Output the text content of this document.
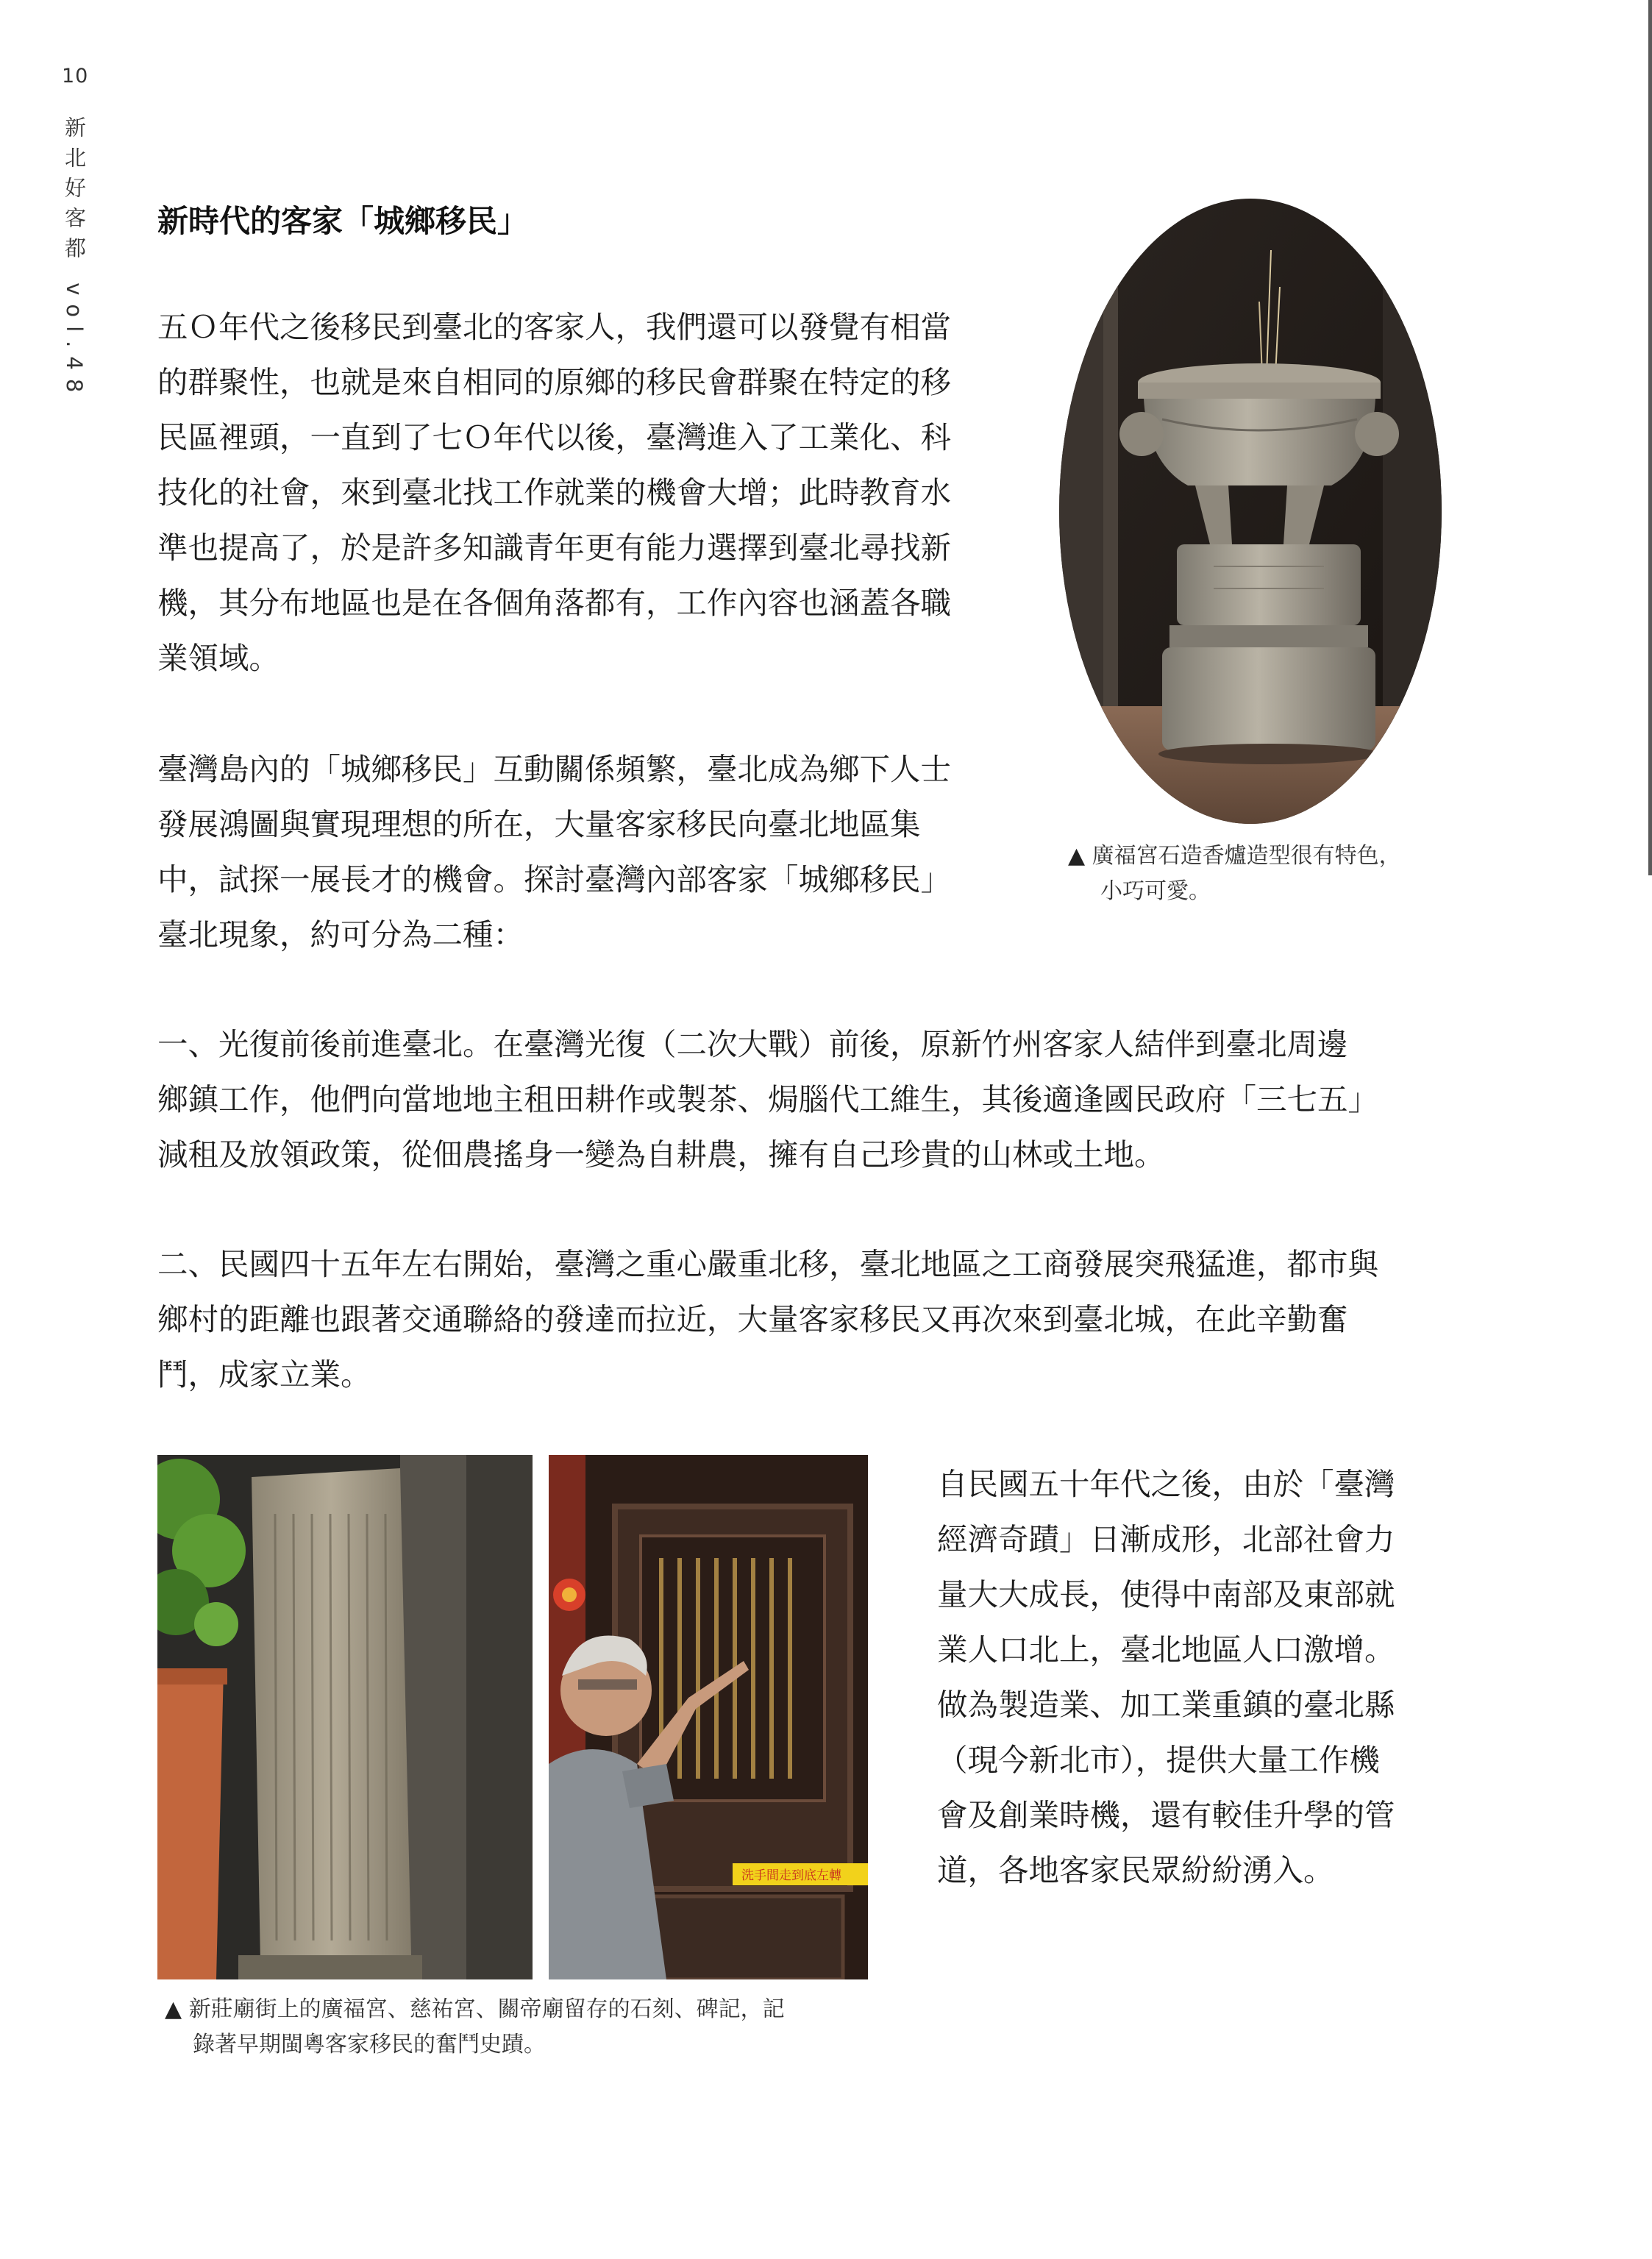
10
新北好客都 vol.48 新時代的客家「城鄉移民」
五Ｏ年代之後移民到臺北的客家人，我們還可以發覺有相當
的群聚性，也就是來自相同的原鄉的移民會群聚在特定的移
民區裡頭，一直到了七Ｏ年代以後，臺灣進入了工業化、科
技化的社會，來到臺北找工作就業的機會大增；此時教育水
準也提高了，於是許多知識青年更有能力選擇到臺北尋找新
機，其分布地區也是在各個角落都有，工作內容也涵蓋各職
業領域。
臺灣島內的「城鄉移民」互動關係頻繁，臺北成為鄉下人士
發展鴻圖與實現理想的所在，大量客家移民向臺北地區集
中，試探一展長才的機會。探討臺灣內部客家「城鄉移民」
臺北現象，約可分為二種：
▲ 廣福宮石造香爐造型很有特色，
小巧可愛。
一、光復前後前進臺北。在臺灣光復（二次大戰）前後，原新竹州客家人結伴到臺北周邊
鄉鎮工作，他們向當地地主租田耕作或製茶、焗腦代工維生，其後適逢國民政府「三七五」
減租及放領政策，從佃農搖身一變為自耕農，擁有自己珍貴的山林或土地。
二、民國四十五年左右開始，臺灣之重心嚴重北移，臺北地區之工商發展突飛猛進，都市與
鄉村的距離也跟著交通聯絡的發達而拉近，大量客家移民又再次來到臺北城，在此辛勤奮
鬥，成家立業。
洗手間走到底左轉
▲ 新莊廟街上的廣福宮、慈祐宮、關帝廟留存的石刻、碑記，記
錄著早期閩粵客家移民的奮鬥史蹟。
自民國五十年代之後，由於「臺灣
經濟奇蹟」日漸成形，北部社會力
量大大成長，使得中南部及東部就
業人口北上，臺北地區人口激增。
做為製造業、加工業重鎮的臺北縣
（現今新北市），提供大量工作機
會及創業時機，還有較佳升學的管
道，各地客家民眾紛紛湧入。
